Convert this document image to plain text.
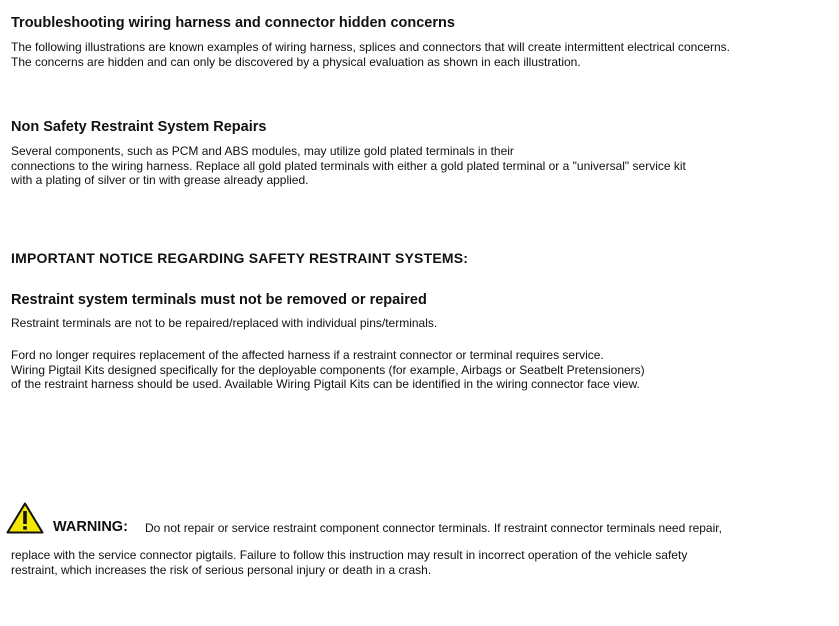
Troubleshooting wiring harness and connector hidden concerns

The following illustrations are known examples of wiring harness, splices and connectors that will create intermittent electrical concerns.
The concerns are hidden and can only be discovered by a physical evaluation as shown in each illustration.

Non Safety Restraint System Repairs

Several components, such as PCM and ABS modules, may utilize gold plated terminals in their
connections to the wiring harness. Replace all gold plated terminals with either a gold plated terminal or a "universal" service kit
with a plating of silver or tin with grease already applied.

IMPORTANT NOTICE REGARDING SAFETY RESTRAINT SYSTEMS:
Restraint system terminals must not be removed or repaired

Restraint terminals are not to be repaired/replaced with individual pins/terminals.

Ford no longer requires replacement of the affected harness if a restraint connector or terminal requires service.
Wiring Pigtail Kits designed specifically for the deployable components (for example, Airbags or Seatbelt Pretensioners)
of the restraint harness should be used. Available Wiring Pigtail Kits can be identified in the wiring connector face view.

WARNING: Do not repair or service restraint component connector terminals. If restraint connector terminals need repair,

replace with the service connector pigtails. Failure to follow this instruction may result in incorrect operation of the vehicle safety
restraint, which increases the risk of serious personal injury or death in a crash.
